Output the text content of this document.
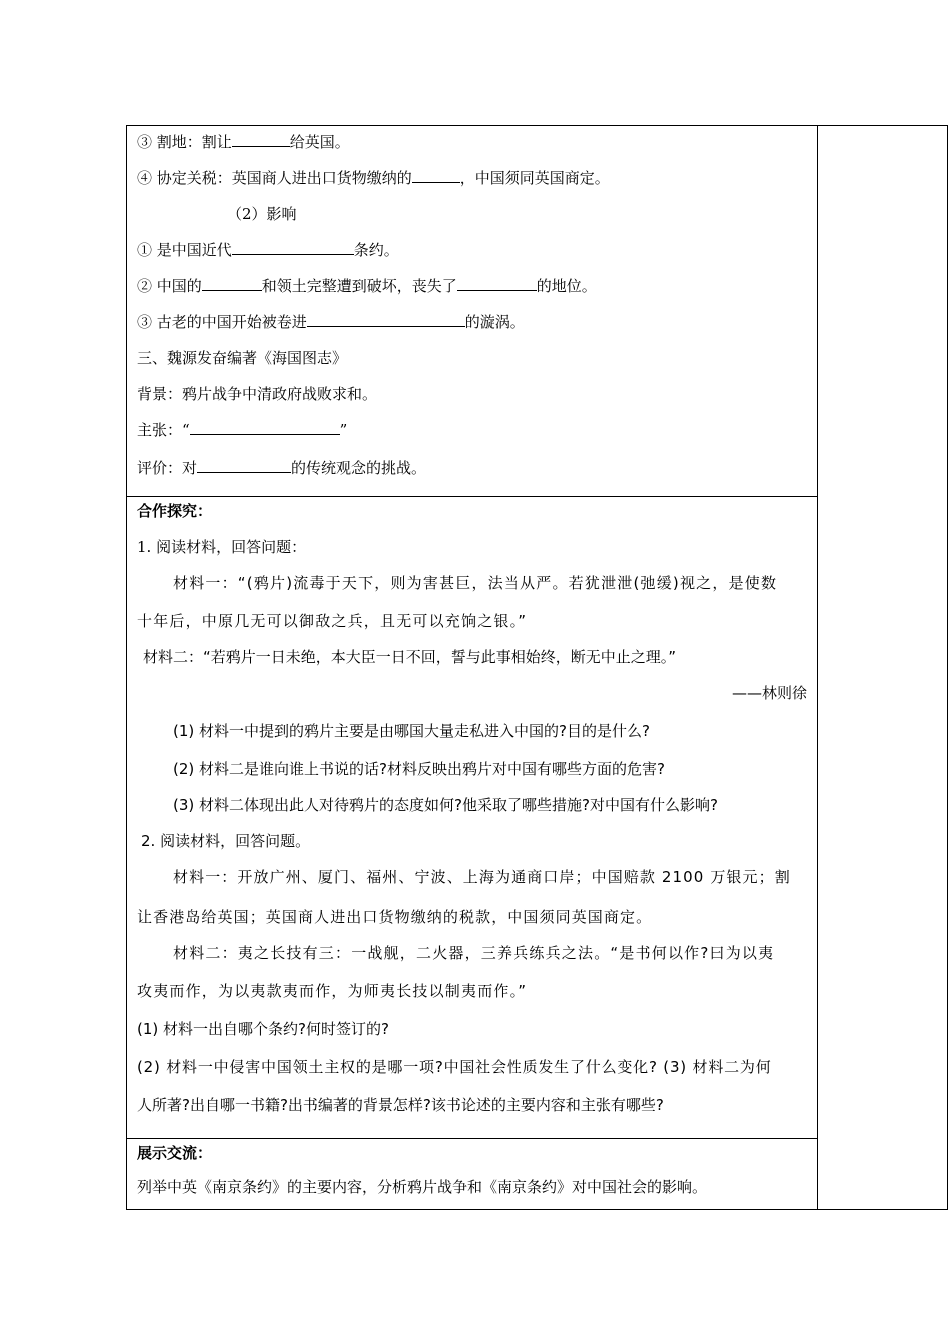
③ 割地：割让	给英国。
④ 协定关税：英国商人进出口货物缴纳的	，中国须同英国商定。
（2）影响
① 是中国近代	条约。
② 中国的	和领土完整遭到破坏，丧失了	的地位。
③ 古老的中国开始被卷进	的漩涡。
三、魏源发奋编著《海国图志》
背景：鸦片战争中清政府战败求和。
主张：“	”
评价：对	的传统观念的挑战。

合作探究：
1. 阅读材料，回答问题：
材料一：“(鸦片)流毒于天下，则为害甚巨，法当从严。若犹泄泄(弛缓)视之，是使数
十年后，中原几无可以御敌之兵，且无可以充饷之银。”
材料二：“若鸦片一日未绝，本大臣一日不回，誓与此事相始终，断无中止之理。”
——林则徐
(1) 材料一中提到的鸦片主要是由哪国大量走私进入中国的?目的是什么?
(2) 材料二是谁向谁上书说的话?材料反映出鸦片对中国有哪些方面的危害?
(3) 材料二体现出此人对待鸦片的态度如何?他采取了哪些措施?对中国有什么影响?
2. 阅读材料，回答问题。
材料一：开放广州、厦门、福州、宁波、上海为通商口岸；中国赔款 2100 万银元；割
让香港岛给英国；英国商人进出口货物缴纳的税款，中国须同英国商定。
材料二：夷之长技有三：一战舰，二火器，三养兵练兵之法。“是书何以作?曰为以夷
攻夷而作，为以夷款夷而作，为师夷长技以制夷而作。”
(1) 材料一出自哪个条约?何时签订的?
(2) 材料一中侵害中国领土主权的是哪一项?中国社会性质发生了什么变化? (3) 材料二为何
人所著?出自哪一书籍?出书编著的背景怎样?该书论述的主要内容和主张有哪些?

展示交流：
列举中英《南京条约》的主要内容，分析鸦片战争和《南京条约》对中国社会的影响。
